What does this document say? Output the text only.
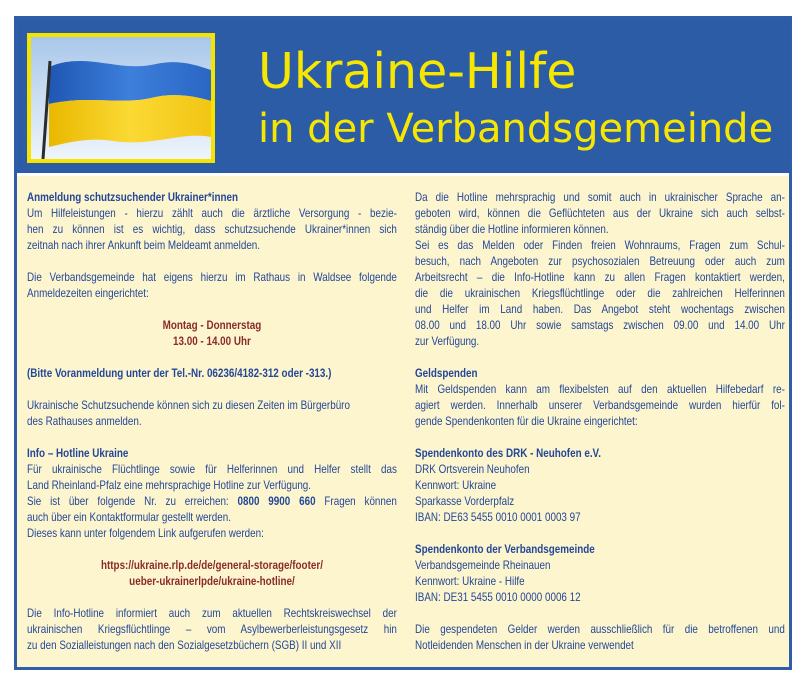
Ukraine-Hilfe
in der Verbandsgemeinde
Anmeldung schutzsuchender Ukrainer*innen
Um Hilfeleistungen - hierzu zählt auch die ärztliche Versorgung - bezie-
hen zu können ist es wichtig, dass schutzsuchende Ukrainer*innen sich
zeitnah nach ihrer Ankunft beim Meldeamt anmelden.
Die Verbandsgemeinde hat eigens hierzu im Rathaus in Waldsee folgende
Anmeldezeiten eingerichtet:
Montag - Donnerstag
13.00 - 14.00 Uhr
(Bitte Voranmeldung unter der Tel.-Nr. 06236/4182-312 oder -313.)
Ukrainische Schutzsuchende können sich zu diesen Zeiten im Bürgerbüro
des Rathauses anmelden.
Info – Hotline Ukraine
Für ukrainische Flüchtlinge sowie für Helferinnen und Helfer stellt das
Land Rheinland-Pfalz eine mehrsprachige Hotline zur Verfügung.
Sie ist über folgende Nr. zu erreichen: 0800 9900 660 Fragen können
auch über ein Kontaktformular gestellt werden.
Dieses kann unter folgendem Link aufgerufen werden:
https://ukraine.rlp.de/de/general-storage/footer/
ueber-ukrainerlpde/ukraine-hotline/
Die Info-Hotline informiert auch zum aktuellen Rechtskreiswechsel der
ukrainischen Kriegsflüchtlinge – vom Asylbewerberleistungsgesetz hin
zu den Sozialleistungen nach den Sozialgesetzbüchern (SGB) II und XII
Da die Hotline mehrsprachig und somit auch in ukrainischer Sprache an-
geboten wird, können die Geflüchteten aus der Ukraine sich auch selbst-
ständig über die Hotline informieren können.
Sei es das Melden oder Finden freien Wohnraums, Fragen zum Schul-
besuch, nach Angeboten zur psychosozialen Betreuung oder auch zum
Arbeitsrecht – die Info-Hotline kann zu allen Fragen kontaktiert werden,
die die ukrainischen Kriegsflüchtlinge oder die zahlreichen Helferinnen
und Helfer im Land haben. Das Angebot steht wochentags zwischen
08.00 und 18.00 Uhr sowie samstags zwischen 09.00 und 14.00 Uhr
zur Verfügung.
Geldspenden
Mit Geldspenden kann am flexibelsten auf den aktuellen Hilfebedarf re-
agiert werden. Innerhalb unserer Verbandsgemeinde wurden hierfür fol-
gende Spendenkonten für die Ukraine eingerichtet:
Spendenkonto des DRK - Neuhofen e.V.
DRK Ortsverein Neuhofen
Kennwort: Ukraine
Sparkasse Vorderpfalz
IBAN: DE63 5455 0010 0001 0003 97
Spendenkonto der Verbandsgemeinde
Verbandsgemeinde Rheinauen
Kennwort: Ukraine - Hilfe
IBAN: DE31 5455 0010 0000 0006 12
Die gespendeten Gelder werden ausschließlich für die betroffenen und
Notleidenden Menschen in der Ukraine verwendet
